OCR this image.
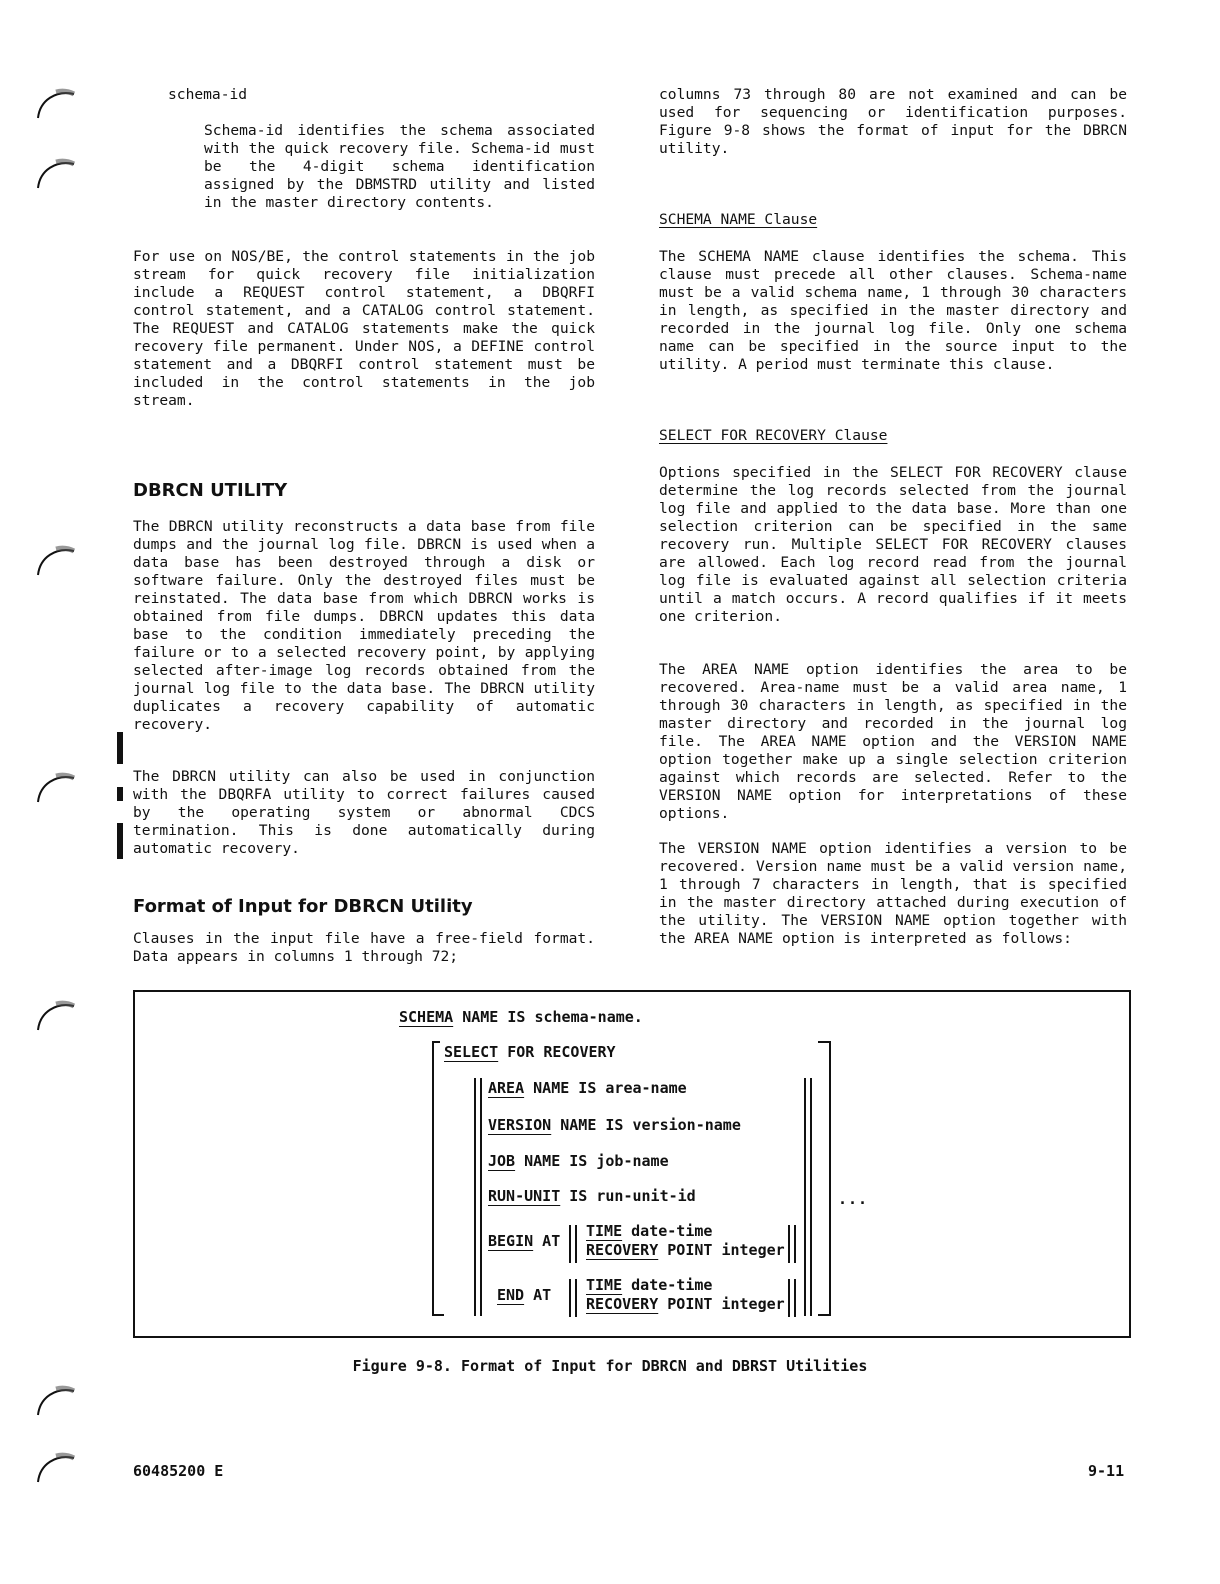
schema-id
Schema-id identifies the schema associated with the quick recovery file. Schema-id must be the 4-digit schema identification assigned by the DBMSTRD utility and listed in the master directory contents.
For use on NOS/BE, the control statements in the job stream for quick recovery file initialization include a REQUEST control statement, a DBQRFI control statement, and a CATALOG control statement. The REQUEST and CATALOG statements make the quick recovery file permanent. Under NOS, a DEFINE control statement and a DBQRFI control statement must be included in the control statements in the job stream.
DBRCN UTILITY
The DBRCN utility reconstructs a data base from file dumps and the journal log file. DBRCN is used when a data base has been destroyed through a disk or software failure. Only the destroyed files must be reinstated. The data base from which DBRCN works is obtained from file dumps. DBRCN updates this data base to the condition immediately preceding the failure or to a selected recovery point, by applying selected after-image log records obtained from the journal log file to the data base. The DBRCN utility duplicates a recovery capability of automatic recovery.
The DBRCN utility can also be used in conjunction with the DBQRFA utility to correct failures caused by the operating system or abnormal CDCS termination. This is done automatically during automatic recovery.
Format of Input for DBRCN Utility
Clauses in the input file have a free-field format. Data appears in columns 1 through 72;
columns 73 through 80 are not examined and can be used for sequencing or identification purposes. Figure 9-8 shows the format of input for the DBRCN utility.
SCHEMA NAME Clause
The SCHEMA NAME clause identifies the schema. This clause must precede all other clauses. Schema-name must be a valid schema name, 1 through 30 characters in length, as specified in the master directory and recorded in the journal log file. Only one schema name can be specified in the source input to the utility. A period must terminate this clause.
SELECT FOR RECOVERY Clause
Options specified in the SELECT FOR RECOVERY clause determine the log records selected from the journal log file and applied to the data base. More than one selection criterion can be specified in the same recovery run. Multiple SELECT FOR RECOVERY clauses are allowed. Each log record read from the journal log file is evaluated against all selection criteria until a match occurs. A record qualifies if it meets one criterion.
The AREA NAME option identifies the area to be recovered. Area-name must be a valid area name, 1 through 30 characters in length, as specified in the master directory and recorded in the journal log file. The AREA NAME option and the VERSION NAME option together make up a single selection criterion against which records are selected. Refer to the VERSION NAME option for interpretations of these options.
The VERSION NAME option identifies a version to be recovered. Version name must be a valid version name, 1 through 7 characters in length, that is specified in the master directory attached during execution of the utility. The VERSION NAME option together with the AREA NAME option is interpreted as follows:
SCHEMA NAME IS schema-name.
SELECT FOR RECOVERY
AREA NAME IS area-name
VERSION NAME IS version-name
JOB NAME IS job-name
RUN-UNIT IS run-unit-id
BEGIN AT
TIME date-time
RECOVERY POINT integer
END AT
TIME date-time
RECOVERY POINT integer
...
Figure 9-8. Format of Input for DBRCN and DBRST Utilities
60485200 E	9-11
